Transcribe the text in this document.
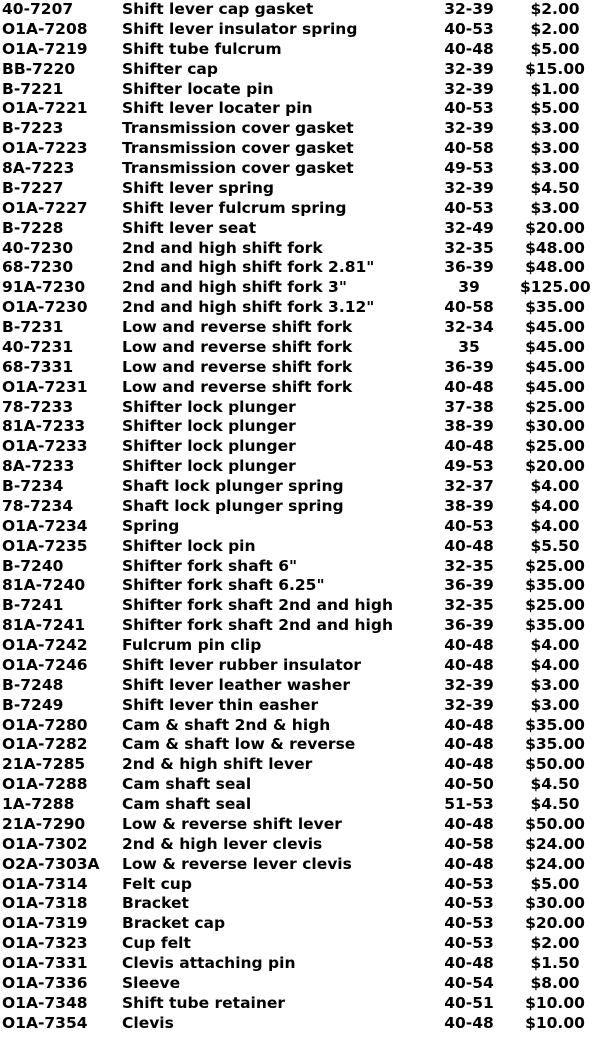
40-7207	Shift lever cap gasket	32-39	$2.00
O1A-7208 Shift lever insulator spring	40-53	$2.00
O1A-7219 Shift tube fulcrum	40-48	$5.00
BB-7220	Shifter cap	32-39	$15.00
B-7221	Shifter locate pin	32-39	$1.00
O1A-7221 Shift lever locater pin	40-53	$5.00
B-7223	Transmission cover gasket	32-39	$3.00
O1A-7223 Transmission cover gasket	40-58	$3.00
8A-7223	Transmission cover gasket	49-53	$3.00
B-7227	Shift lever spring	32-39	$4.50
O1A-7227 Shift lever fulcrum spring	40-53	$3.00
B-7228	Shift lever seat	32-49	$20.00
40-7230	2nd and high shift fork	32-35	$48.00
68-7230	2nd and high shift fork 2.81"	36-39	$48.00
91A-7230 2nd and high shift fork 3"	39	$125.00
O1A-7230 2nd and high shift fork 3.12"	40-58	$35.00
B-7231	Low and reverse shift fork	32-34	$45.00
40-7231	Low and reverse shift fork	35	$45.00
68-7331	Low and reverse shift fork	36-39	$45.00
O1A-7231 Low and reverse shift fork	40-48	$45.00
78-7233	Shifter lock plunger	37-38	$25.00
81A-7233 Shifter lock plunger	38-39	$30.00
O1A-7233 Shifter lock plunger	40-48	$25.00
8A-7233	Shifter lock plunger	49-53	$20.00
B-7234	Shaft lock plunger spring	32-37	$4.00
78-7234	Shaft lock plunger spring	38-39	$4.00
O1A-7234 Spring	40-53	$4.00
O1A-7235 Shifter lock pin	40-48	$5.50
B-7240	Shifter fork shaft 6"	32-35	$25.00
81A-7240 Shifter fork shaft 6.25"	36-39	$35.00
B-7241	Shifter fork shaft 2nd and high	32-35	$25.00
81A-7241 Shifter fork shaft 2nd and high	36-39	$35.00
O1A-7242 Fulcrum pin clip	40-48	$4.00
O1A-7246 Shift lever rubber insulator	40-48	$4.00
B-7248	Shift lever leather washer	32-39	$3.00
B-7249	Shift lever thin easher	32-39	$3.00
O1A-7280 Cam & shaft 2nd & high	40-48	$35.00
O1A-7282 Cam & shaft low & reverse	40-48	$35.00
21A-7285 2nd & high shift lever	40-48	$50.00
O1A-7288 Cam shaft seal	40-50	$4.50
1A-7288	Cam shaft seal	51-53	$4.50
21A-7290 Low & reverse shift lever	40-48	$50.00
O1A-7302 2nd & high lever clevis	40-58	$24.00
O2A-7303A Low & reverse lever clevis	40-48	$24.00
O1A-7314 Felt cup	40-53	$5.00
O1A-7318 Bracket	40-53	$30.00
O1A-7319 Bracket cap	40-53	$20.00
O1A-7323 Cup felt	40-53	$2.00
O1A-7331 Clevis attaching pin	40-48	$1.50
O1A-7336 Sleeve	40-54	$8.00
O1A-7348 Shift tube retainer	40-51	$10.00
O1A-7354 Clevis	40-48	$10.00
